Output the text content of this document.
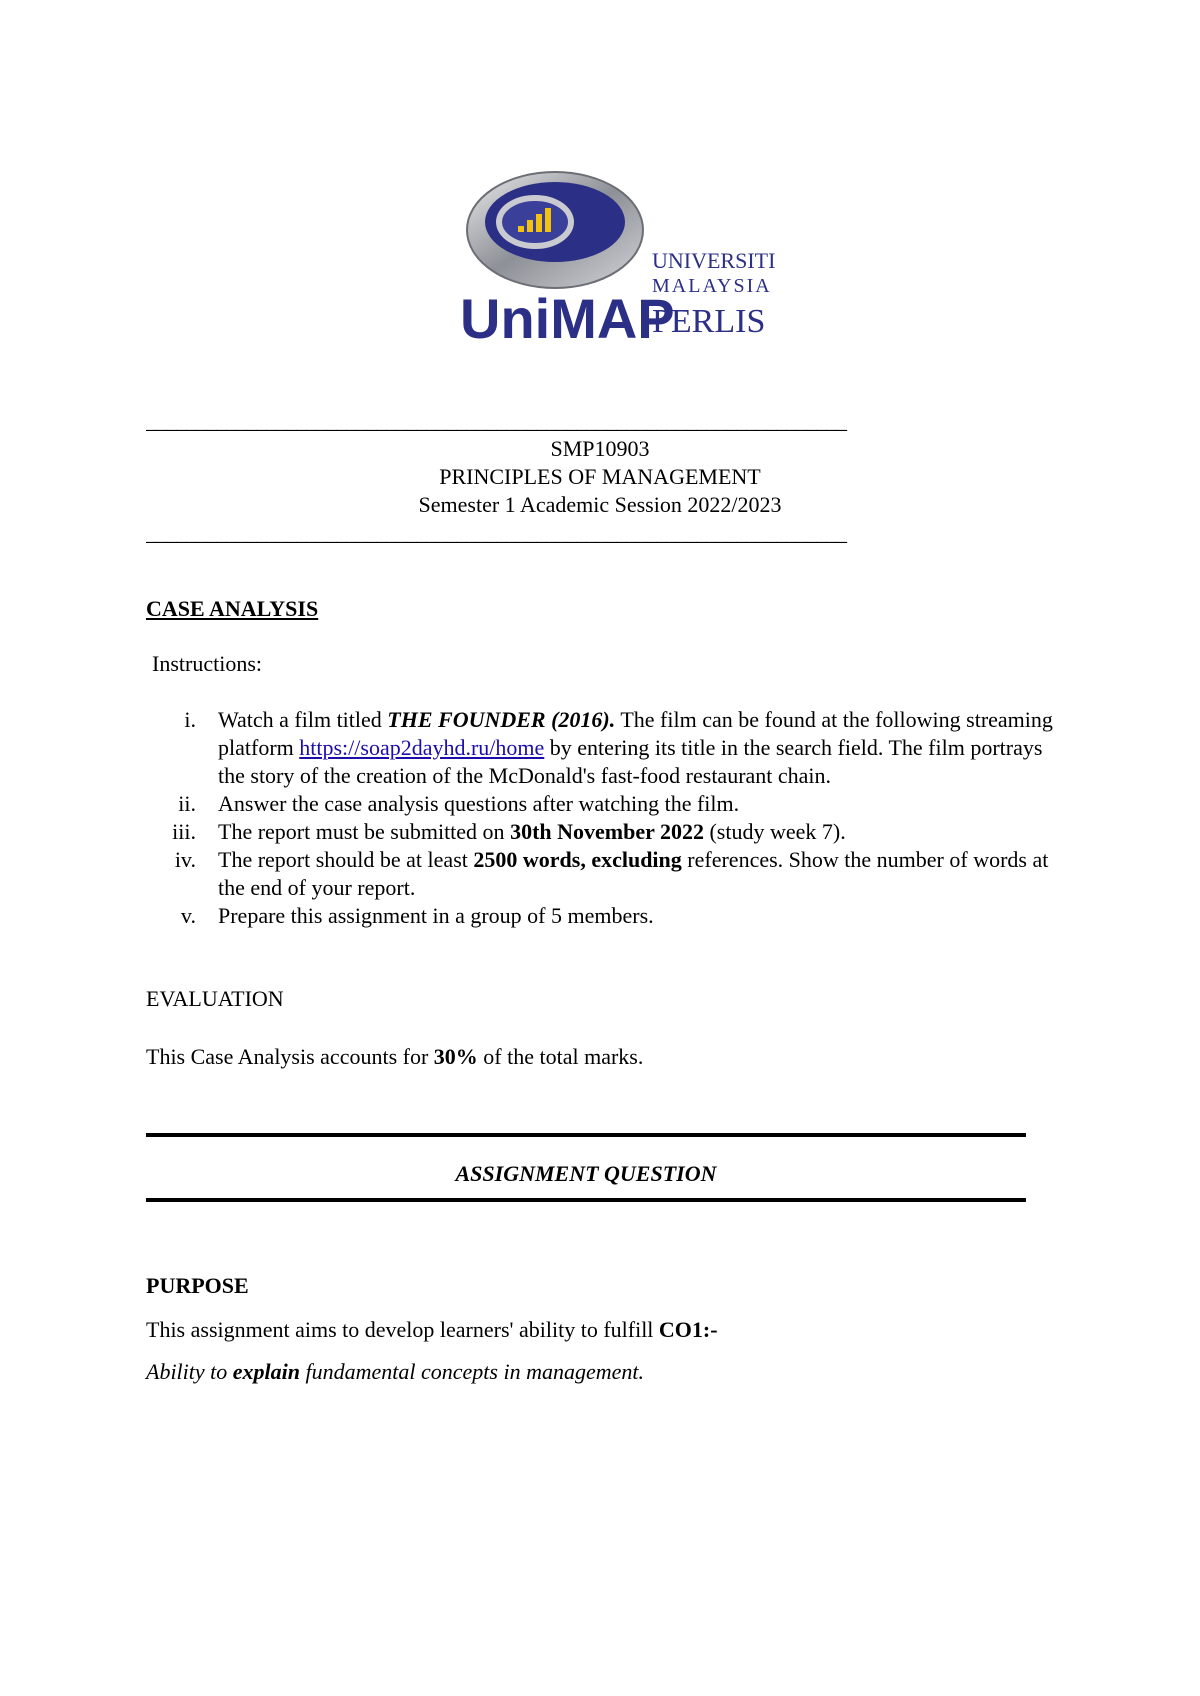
UniMAP
UNIVERSITI
MALAYSIA
PERLIS
______________________________________________________________________
SMP10903
PRINCIPLES OF MANAGEMENT
Semester 1 Academic Session 2022/2023
______________________________________________________________________
CASE ANALYSIS
Instructions:
i.	Watch a film titled THE FOUNDER (2016). The film can be found at the following streaming platform https://soap2dayhd.ru/home by entering its title in the search field. The film portrays the story of the creation of the McDonald's fast-food restaurant chain.
ii.	Answer the case analysis questions after watching the film.
iii.	The report must be submitted on 30th November 2022 (study week 7).
iv.	The report should be at least 2500 words, excluding references. Show the number of words at the end of your report.
v.	Prepare this assignment in a group of 5 members.
EVALUATION
This Case Analysis accounts for 30% of the total marks.
ASSIGNMENT QUESTION
PURPOSE
This assignment aims to develop learners' ability to fulfill CO1:-
Ability to explain fundamental concepts in management.
